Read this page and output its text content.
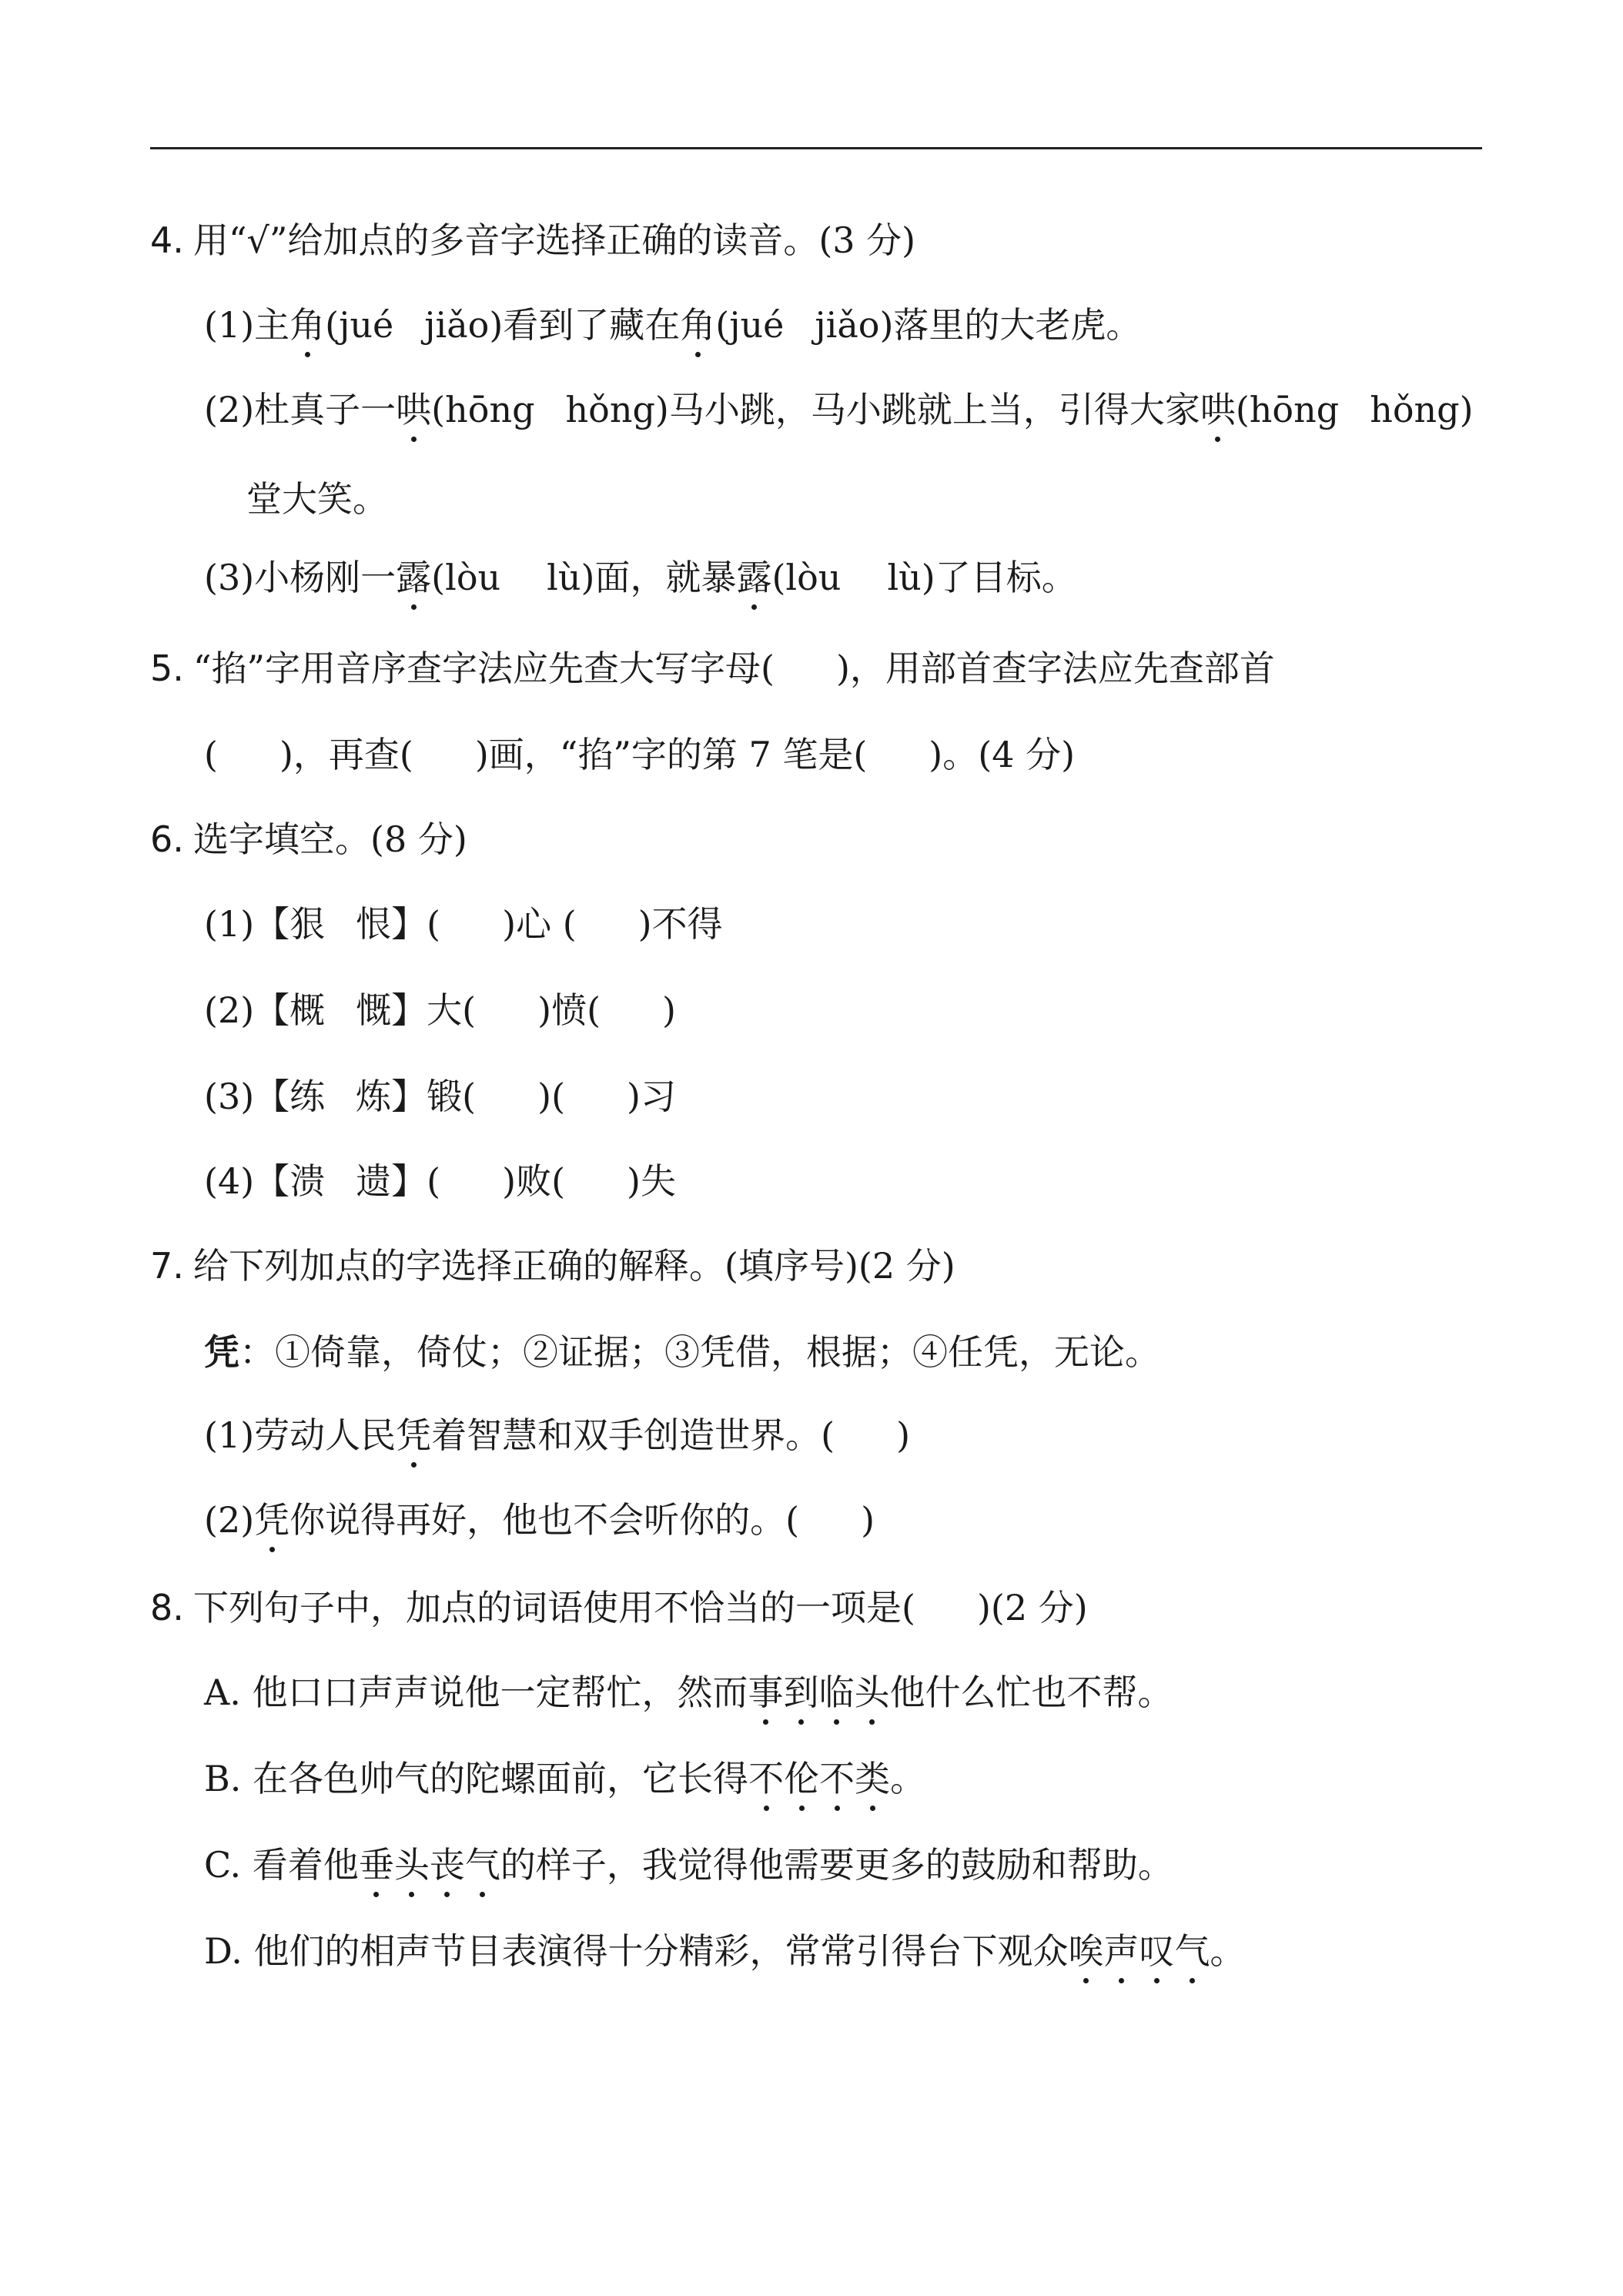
4. 用“√”给加点的多音字选择正确的读音。(3 分)
(1)主角(jué jiǎo)看到了藏在角(jué jiǎo)落里的大老虎。
(2)杜真子一哄(hōng hǒng)马小跳，马小跳就上当，引得大家哄(hōng hǒng)
堂大笑。
(3)小杨刚一露(lòu lù)面，就暴露(lòu lù)了目标。
5. “掐”字用音序查字法应先查大写字母( )，用部首查字法应先查部首
( )，再查( )画，“掐”字的第 7 笔是( )。(4 分)
6. 选字填空。(8 分)
(1)【狠 恨】( )心 ( )不得
(2)【概 慨】大( )愤( )
(3)【练 炼】锻( )( )习
(4)【溃 遗】( )败( )失
7. 给下列加点的字选择正确的解释。(填序号)(2 分)
凭：①倚靠，倚仗；②证据；③凭借，根据；④任凭，无论。
(1)劳动人民凭着智慧和双手创造世界。( )
(2)凭你说得再好，他也不会听你的。( )
8. 下列句子中，加点的词语使用不恰当的一项是( )(2 分)
A. 他口口声声说他一定帮忙，然而事到临头他什么忙也不帮。
B. 在各色帅气的陀螺面前，它长得不伦不类。
C. 看着他垂头丧气的样子，我觉得他需要更多的鼓励和帮助。
D. 他们的相声节目表演得十分精彩，常常引得台下观众唉声叹气。
